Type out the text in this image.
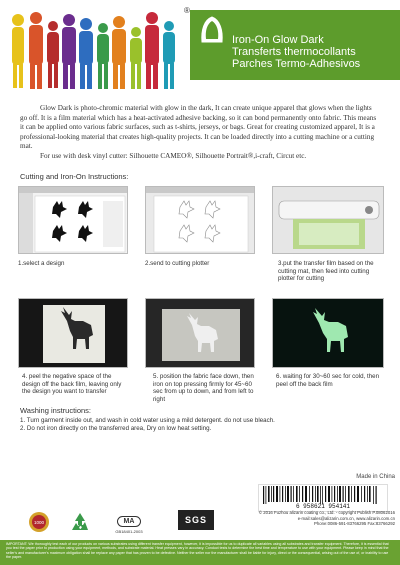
®
Iron-On Glow Dark
Transferts thermocollants
Parches Termo-Adhesivos

Glow Dark is photo-chromic material with glow in the dark, It can create unique apparel that glows when the lights go off. It is a film material which has a heat-activated adhesive backing, so it can bond permanently onto fabric. This means it can be applied onto various fabric surfaces, such as t-shirts, jerseys, or bags. Great for creating customized apparel, It is a professional-looking material that creates high-quality projects. It can be loaded directly into a cutting machine or a cutting mat.

For use with desk vinyl cutter: Silhouette CAMEO®, Silhouette Portrait®,i-craft, Circut etc.

Cutting and Iron-On Instructions:
1.select a design	2.send to cutting plotter	3.put the transfer film based on the cutting mat, then feed into cutting plotter for cutting
4. peel the negative space of the design off the back film, leaving only the design you want to transfer
5. position the fabric face down, then iron on top pressing firmly for 45~60 sec from up to down, and from left to right
6. waiting for 30~60 sec for cold, then peel off the back film
Washing instructions:
1. Turn garment inside out, and wash in cold water using a mild detergent. do not use bleach.
2. Do not iron directly on the transferred area, Dry on low heat setting.
Made in China
6 958621 954141
© 2016 Fuzhou alizarin coating co., Ltd. - copyright Publish P.08062016
e-mail:sales@alizarin.com.cn, www.alizarin.com.cn
Phone:0086-591-83766295 Fax:83766292
1000	MA
GB18401-2003
SGS
IMPORTANT: We thoroughly test each of our products on various substrates using different transfer equipment, however, it is impossible for us to duplicate all variables using all substrates and transfer equipment. Therefore, it is essential that you test the paper prior to production using your equipment, methods, and substrate material. Heat presses vary in accuracy. Conduct tests to determine the best time and temperature to use with your equipment. Please keep in mind that the seller's and manufacturer's maximum obligation shall be replace any paper that has proven to be defective. Neither the seller nor the manufacturer shall be liable for injury, direct or the consequential, arising out of the use of, or inability to use the paper.
